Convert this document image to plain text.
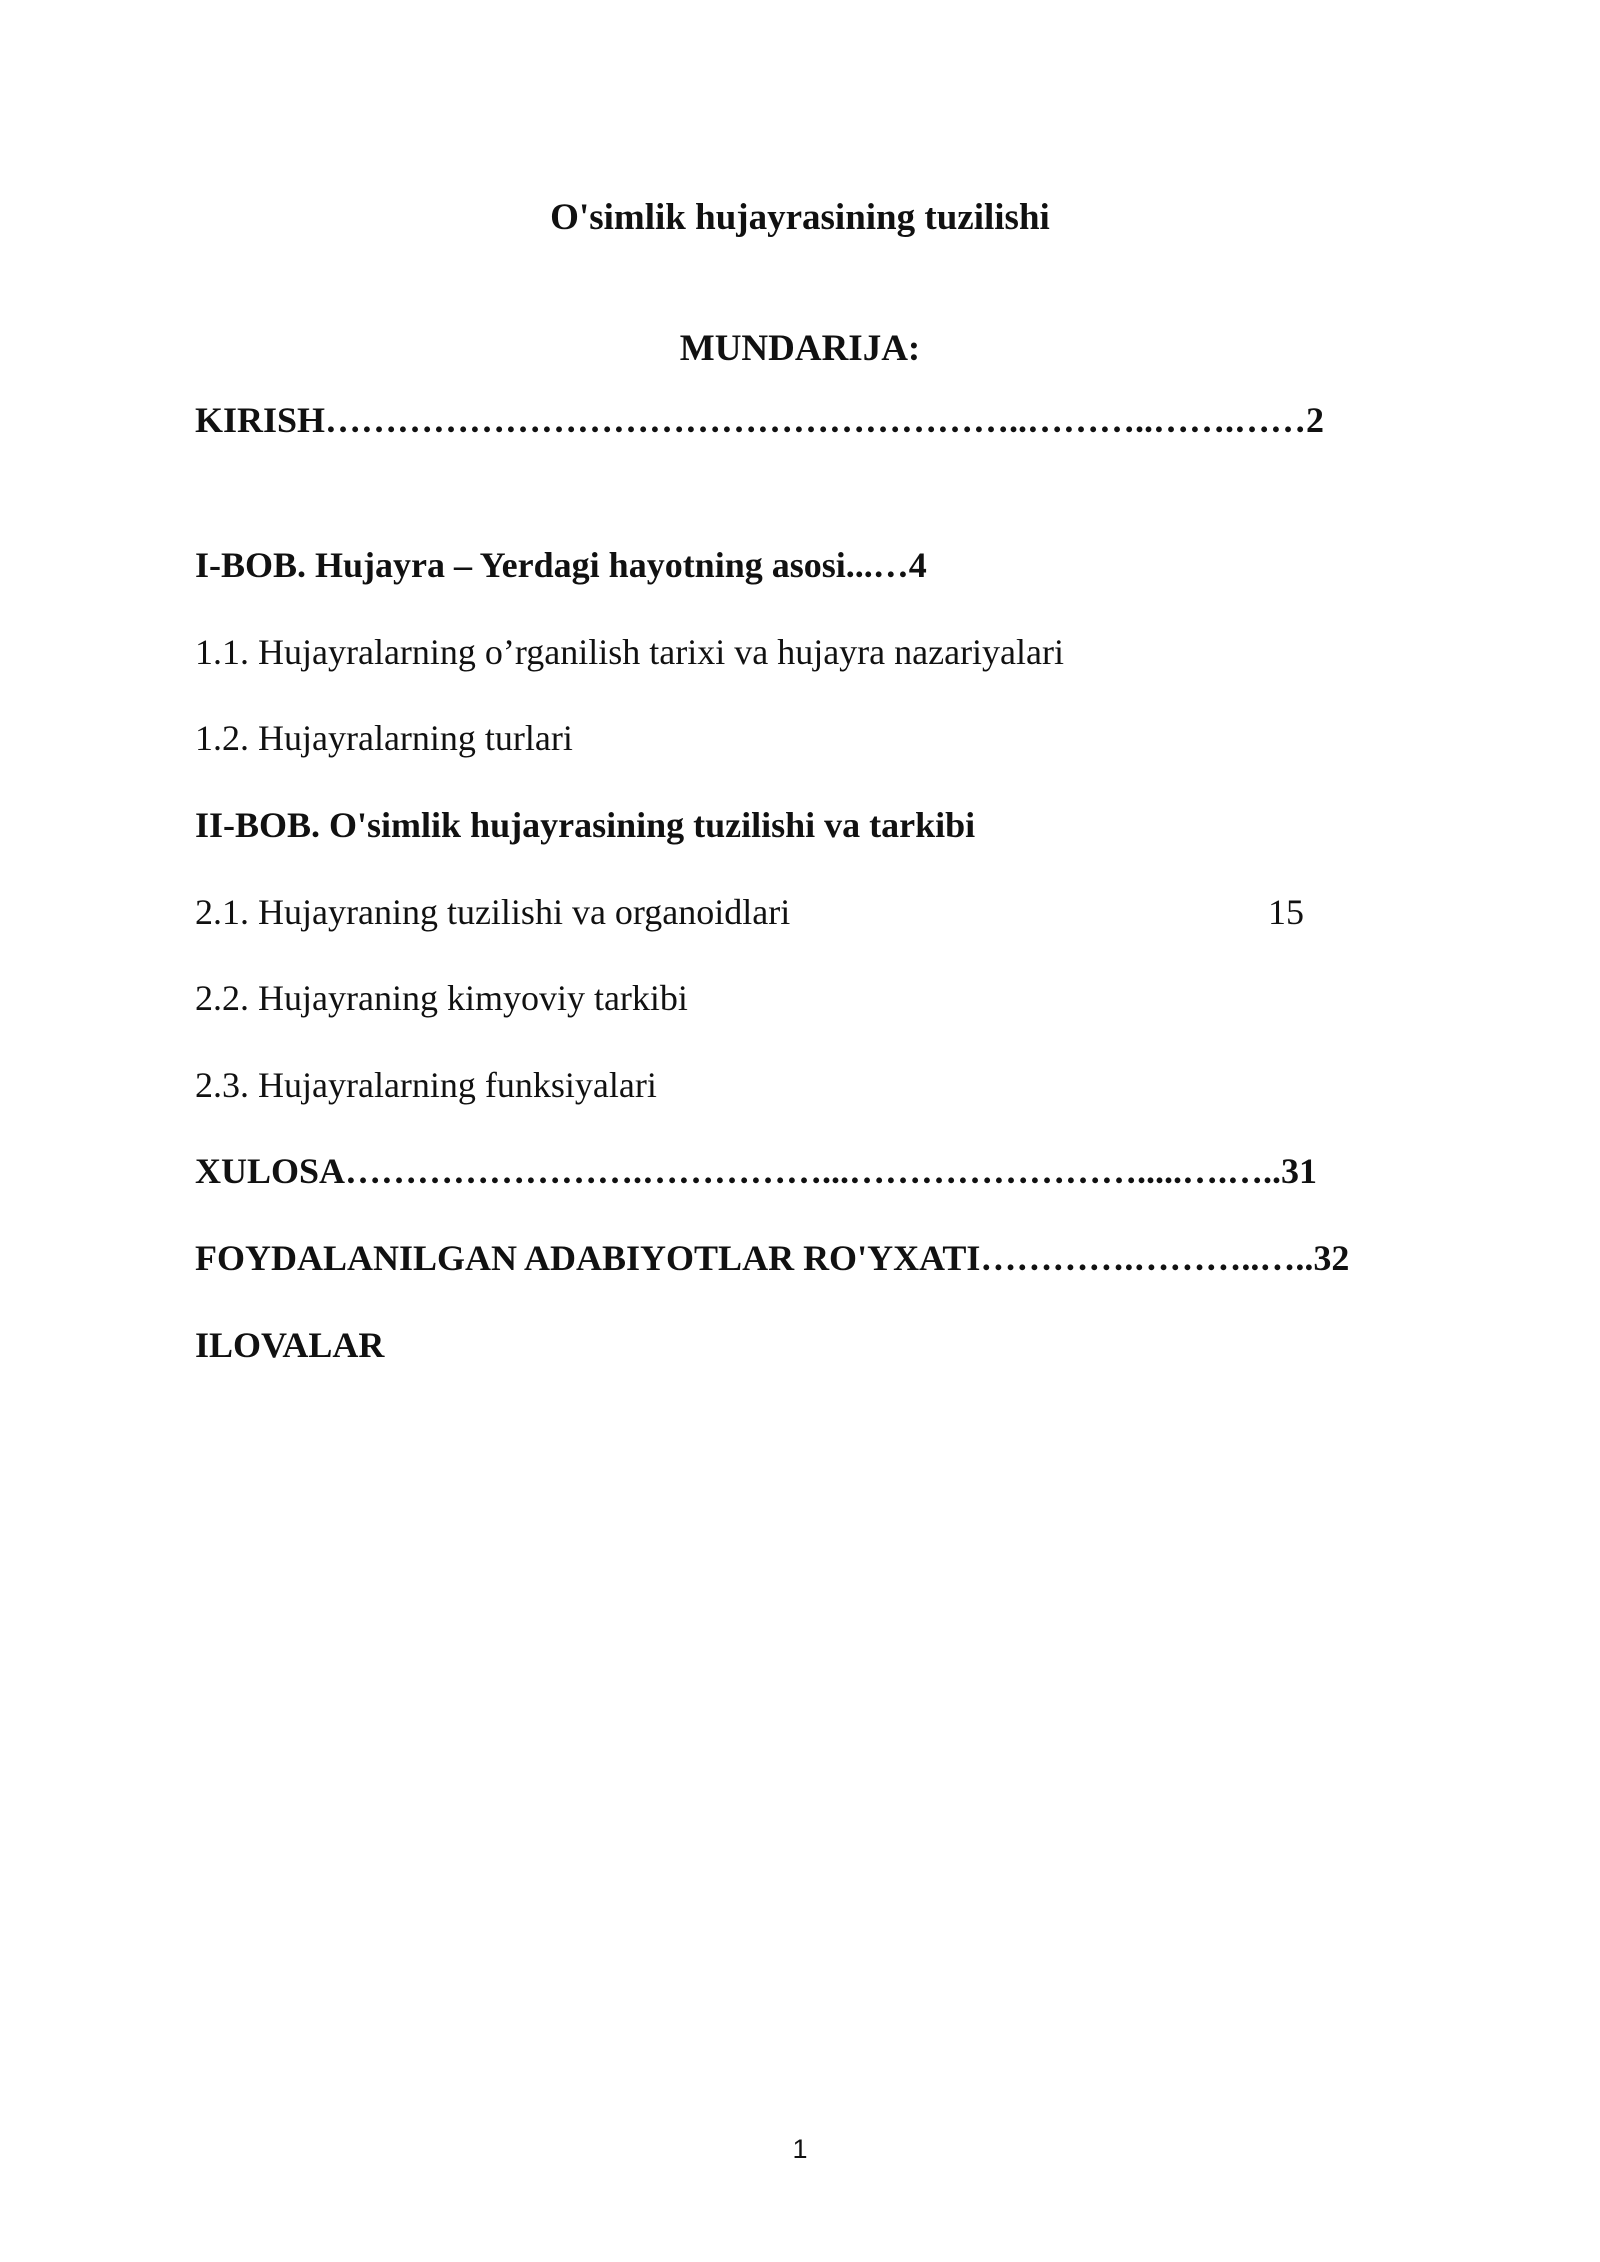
O'simlik hujayrasining tuzilishi
MUNDARIJA:
KIRISH…………………………………………………..………..…….……2
I-BOB. Hujayra – Yerdagi hayotning asosi...…4
1.1. Hujayralarning o’rganilish tarixi va hujayra nazariyalari
1.2. Hujayralarning turlari
II-BOB. O'simlik hujayrasining tuzilishi va tarkibi
2.1. Hujayraning tuzilishi va organoidlari	15
2.2. Hujayraning kimyoviy tarkibi
2.3. Hujayralarning funksiyalari
XULOSA…………………….……………...…………………….....….…..31
FOYDALANILGAN ADABIYOTLAR RO'YXATI………….………..…..32
ILOVALAR
1
